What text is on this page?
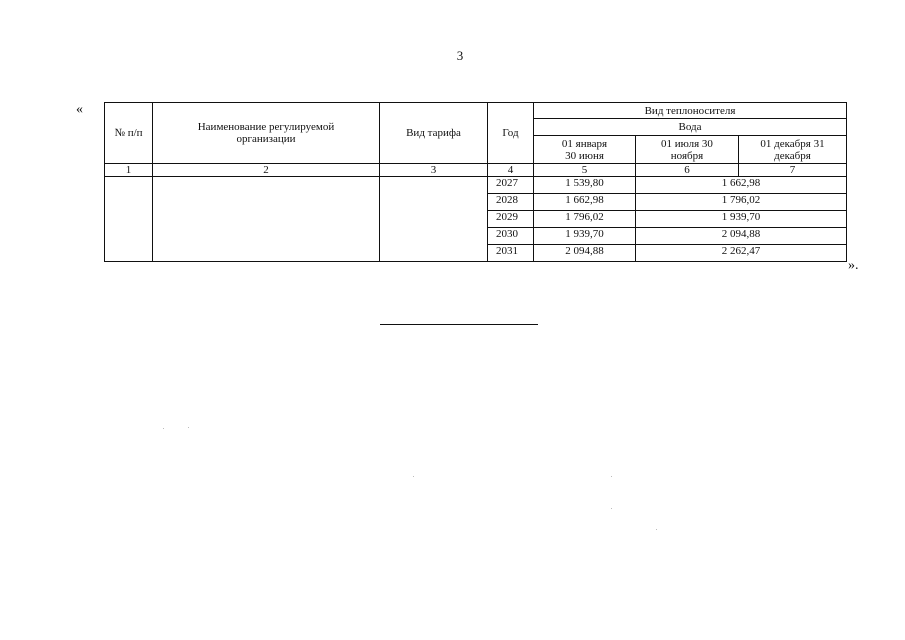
3
«
№ п/п	Наименование регулируемой организации	Вид тарифа	Год	Вид теплоносителя		
				Вода		
				01 января 30 июня	01 июля 30 ноября	01 декабря 31 декабря
1	2	3	4	5	6	7
			2027	1 539,80	1 662,98	
			2028	1 662,98	1 796,02	
			2029	1 796,02	1 939,70	
			2030	1 939,70	2 094,88	
			2031	2 094,88	2 262,47	
».
